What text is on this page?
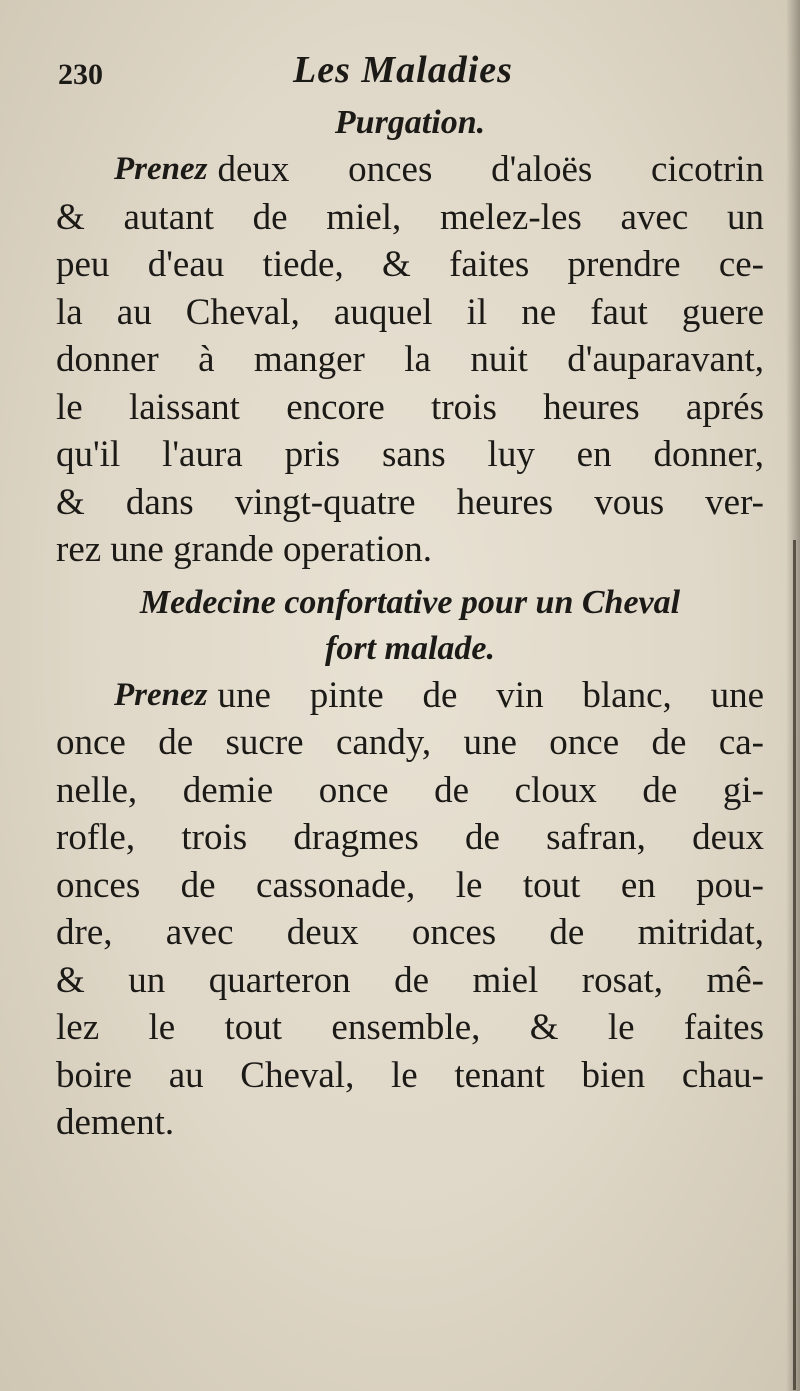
230	Les Maladies

Purgation.

Prenez deux onces d'aloës cicotrin

& autant de miel, melez-les avec un

peu d'eau tiede, & faites prendre ce-

la au Cheval, auquel il ne faut guere

donner à manger la nuit d'auparavant,

le laissant encore trois heures aprés

qu'il l'aura pris sans luy en donner,

& dans vingt-quatre heures vous ver-

rez une grande operation.

Medecine confortative pour un Cheval

fort malade.

Prenez une pinte de vin blanc, une

once de sucre candy, une once de ca-

nelle, demie once de cloux de gi-

rofle, trois dragmes de safran, deux

onces de cassonade, le tout en pou-

dre, avec deux onces de mitridat,

& un quarteron de miel rosat, mê-

lez le tout ensemble, & le faites

boire au Cheval, le tenant bien chau-

dement.
